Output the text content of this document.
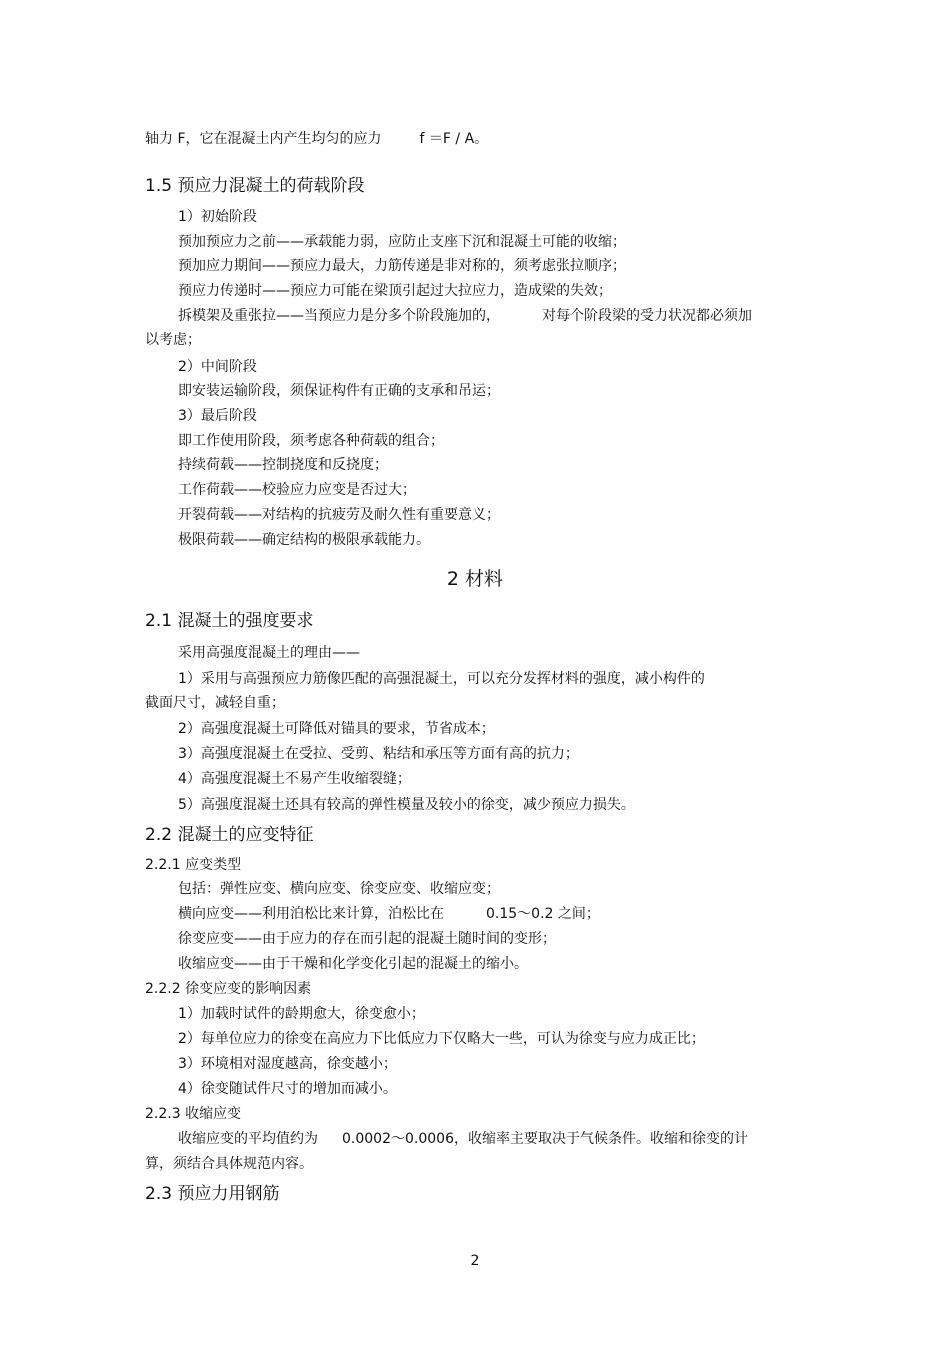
轴力 F，它在混凝土内产生均匀的应力	f ＝F / A。
1.5 预应力混凝土的荷载阶段
1）初始阶段
预加预应力之前——承载能力弱，应防止支座下沉和混凝土可能的收缩；
预加应力期间——预应力最大，力筋传递是非对称的，须考虑张拉顺序；
预应力传递时——预应力可能在梁顶引起过大拉应力，造成梁的失效；
拆模架及重张拉——当预应力是分多个阶段施加的，	对每个阶段梁的受力状况都必须加
以考虑；
2）中间阶段
即安装运输阶段，须保证构件有正确的支承和吊运；
3）最后阶段
即工作使用阶段，须考虑各种荷载的组合；
持续荷载——控制挠度和反挠度；
工作荷载——校验应力应变是否过大；
开裂荷载——对结构的抗疲劳及耐久性有重要意义；
极限荷载——确定结构的极限承载能力。
2 材料
2.1 混凝土的强度要求
采用高强度混凝土的理由——
1）采用与高强预应力筋像匹配的高强混凝土，可以充分发挥材料的强度，减小构件的
截面尺寸，减轻自重；
2）高强度混凝土可降低对锚具的要求，节省成本；
3）高强度混凝土在受拉、受剪、粘结和承压等方面有高的抗力；
4）高强度混凝土不易产生收缩裂缝；
5）高强度混凝土还具有较高的弹性模量及较小的徐变，减少预应力损失。
2.2 混凝土的应变特征
2.2.1 应变类型
包括：弹性应变、横向应变、徐变应变、收缩应变；
横向应变——利用泊松比来计算，泊松比在	0.15～0.2 之间；
徐变应变——由于应力的存在而引起的混凝土随时间的变形；
收缩应变——由于干燥和化学变化引起的混凝土的缩小。
2.2.2 徐变应变的影响因素
1）加载时试件的龄期愈大，徐变愈小；
2）每单位应力的徐变在高应力下比低应力下仅略大一些，可认为徐变与应力成正比；
3）环境相对湿度越高，徐变越小；
4）徐变随试件尺寸的增加而减小。
2.2.3 收缩应变
收缩应变的平均值约为 0.0002～0.0006，收缩率主要取决于气候条件。收缩和徐变的计
算，须结合具体规范内容。
2.3 预应力用钢筋
2
